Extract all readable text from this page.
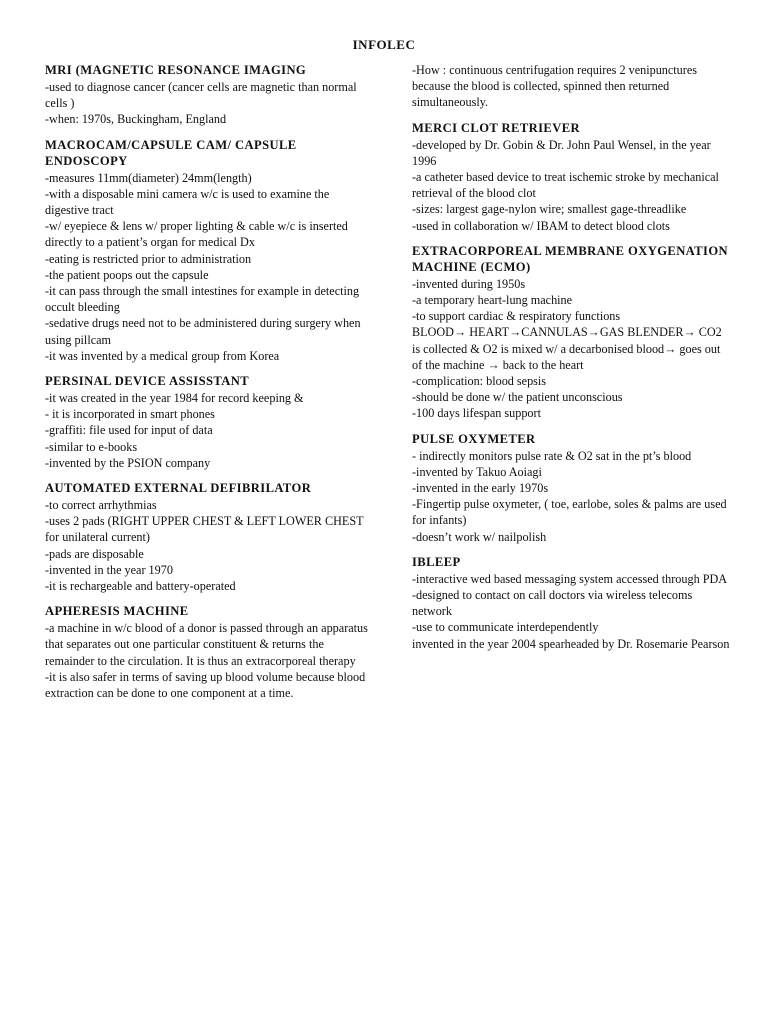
INFOLEC
MRI (MAGNETIC RESONANCE IMAGING
-used to diagnose cancer (cancer cells are magnetic than normal cells )
-when: 1970s, Buckingham, England
MACROCAM/CAPSULE CAM/ CAPSULE ENDOSCOPY
-measures 11mm(diameter) 24mm(length)
-with a disposable mini camera w/c is used to examine the digestive tract
-w/ eyepiece & lens w/ proper lighting & cable w/c is inserted directly to a patient’s organ for medical Dx
-eating is restricted prior to administration
-the patient poops out the capsule
-it can pass through the small intestines for example in detecting occult bleeding
-sedative drugs need not to be administered during surgery when using pillcam
-it was invented by a medical group from Korea
PERSINAL DEVICE ASSISSTANT
-it was created in the year 1984 for record keeping &
- it is incorporated in smart phones
-graffiti: file used for input of data
-similar to e-books
-invented by the PSION company
AUTOMATED EXTERNAL DEFIBRILATOR
-to correct arrhythmias
-uses 2 pads (RIGHT UPPER CHEST & LEFT LOWER CHEST for unilateral current)
-pads are disposable
-invented in the year 1970
-it is rechargeable and battery-operated
APHERESIS MACHINE
-a machine in w/c blood of a donor is passed through an apparatus that separates out one particular constituent & returns the remainder to the circulation. It is thus an extracorporeal therapy
-it is also safer in terms of saving up blood volume because blood extraction can be done to one component at a time.
-How : continuous centrifugation requires 2 venipunctures because the blood is collected, spinned then returned simultaneously.
MERCI CLOT RETRIEVER
-developed by Dr. Gobin & Dr. John Paul Wensel, in the year 1996
-a catheter based device to treat ischemic stroke by mechanical retrieval of the blood clot
-sizes: largest gage-nylon wire; smallest gage-threadlike
-used in collaboration w/ IBAM to detect blood clots
EXTRACORPOREAL MEMBRANE OXYGENATION MACHINE (ECMO)
-invented during 1950s
-a temporary heart-lung machine
-to support cardiac & respiratory functions
BLOOD→ HEART→CANNULAS→GAS BLENDER→ CO2 is collected & O2 is mixed w/ a decarbonised blood→ goes out of the machine → back to the heart
-complication: blood sepsis
-should be done w/ the patient unconscious
-100 days lifespan support
PULSE OXYMETER
- indirectly monitors pulse rate & O2 sat in the pt’s blood
-invented by Takuo Aoiagi
-invented in the early 1970s
-Fingertip pulse oxymeter, ( toe, earlobe, soles & palms are used for infants)
-doesn’t work w/ nailpolish
IBLEEP
-interactive wed based messaging system accessed through PDA
-designed to contact on call doctors via wireless telecoms network
-use to communicate interdependently
invented in the year 2004 spearheaded by Dr. Rosemarie Pearson
